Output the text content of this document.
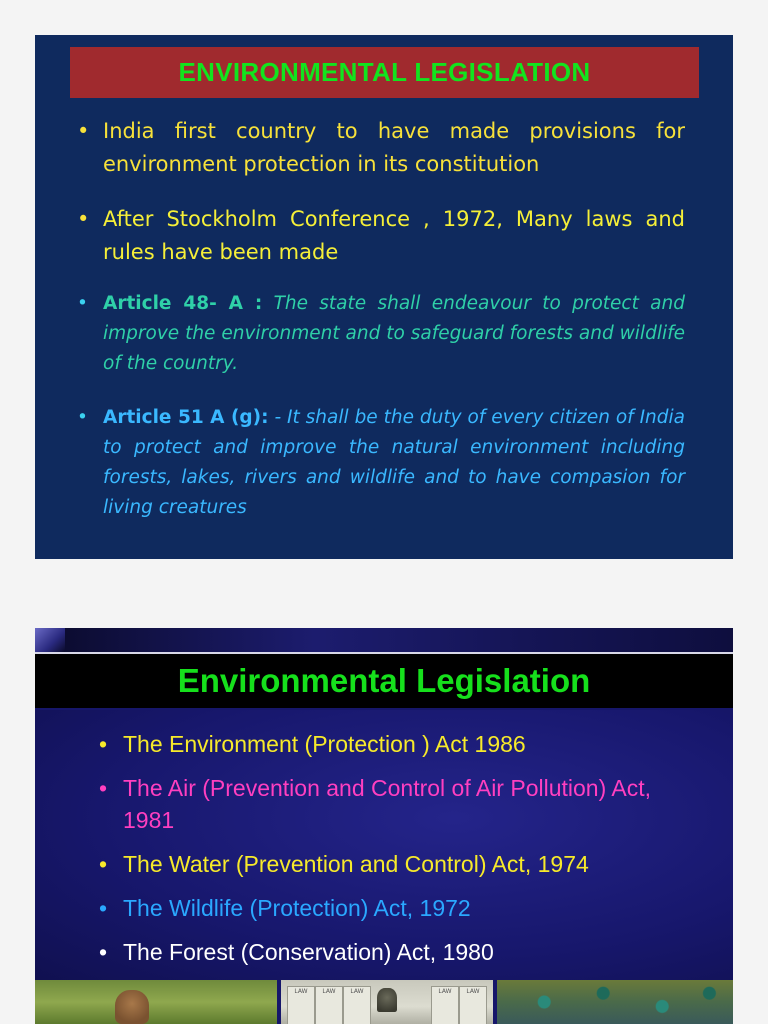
ENVIRONMENTAL LEGISLATION
• India first country to have made provisions for environment protection in its constitution
• After Stockholm Conference , 1972, Many laws and rules have been made
• Article 48- A : The state shall endeavour to protect and improve the environment and to safeguard forests and wildlife of the country.
• Article 51 A (g): - It shall be the duty of every citizen of India to protect and improve the natural environment including forests, lakes, rivers and wildlife and to have compasion for living creatures
Environmental Legislation
• The Environment (Protection ) Act 1986
• The Air (Prevention and Control of Air Pollution) Act, 1981
• The Water (Prevention and Control) Act, 1974
• The Wildlife (Protection) Act, 1972
• The Forest (Conservation) Act, 1980
LAW	LAW	LAW	LAW	LAW
